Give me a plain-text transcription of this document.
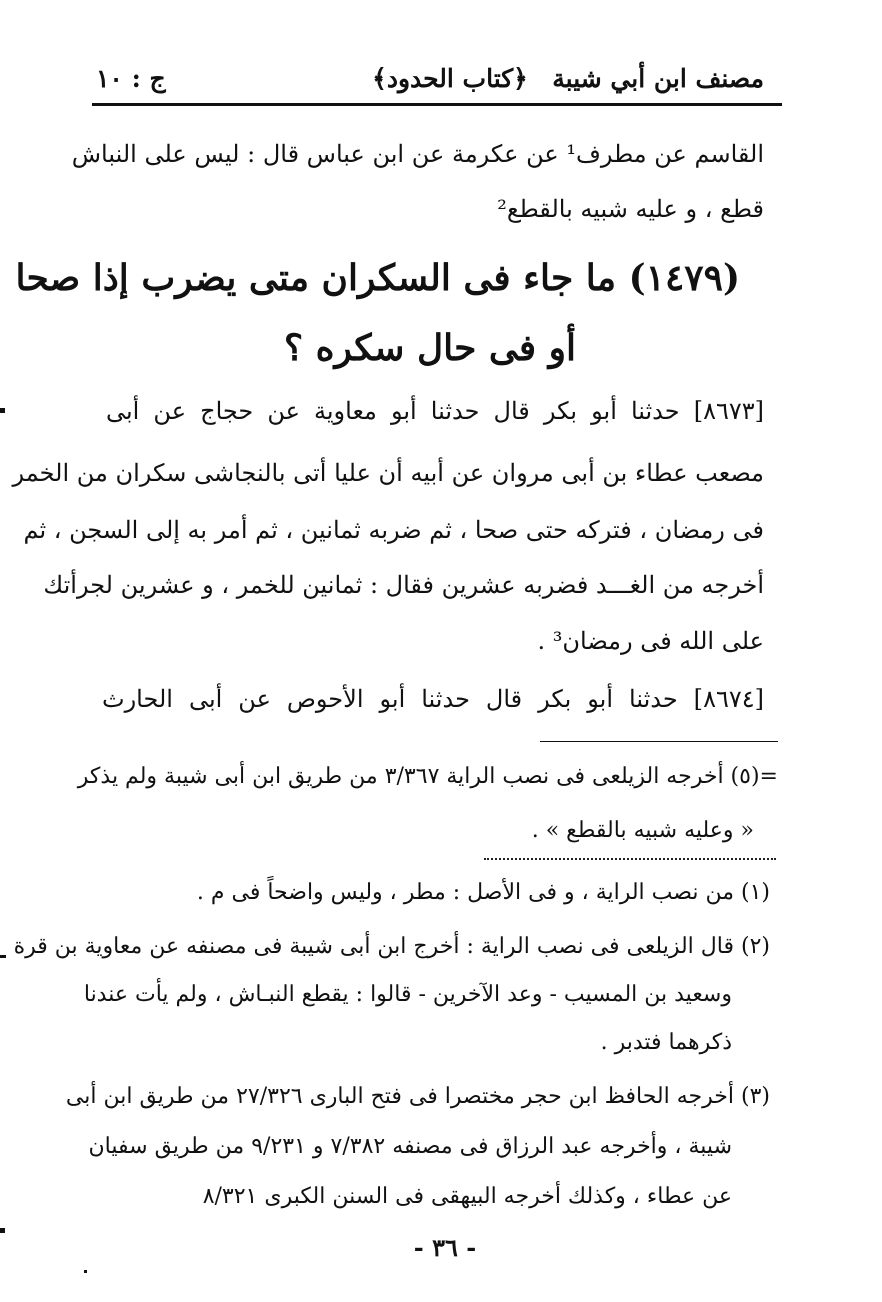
مصنف ابن أبي شيبة
﴿كتاب الحدود﴾
ج : ١٠
القاسم عن مطرف¹ عن عكرمة عن ابن عباس قال : ليس على النباش
قطع ، و عليه شبيه بالقطع²
(١٤٧٩) ما جاء فى السكران متى يضرب إذا صحا
أو فى حال سكره ؟
[٨٦٧٣] حدثنا أبو بكر قال حدثنا أبو معاوية عن حجاج عن أبى
مصعب عطاء بن أبى مروان عن أبيه أن عليا أتى بالنجاشى سكران من الخمر
فى رمضان ، فتركه حتى صحا ، ثم ضربه ثمانين ، ثم أمر به إلى السجن ، ثم
أخرجه من الغـــد فضربه عشرين فقال : ثمانين للخمر ، و عشرين لجرأتك
على الله فى رمضان³ .
[٨٦٧٤] حدثنا أبو بكر قال حدثنا أبو الأحوص عن أبى الحارث
=(٥) أخرجه الزيلعى فى نصب الراية ٣/٣٦٧ من طريق ابن أبى شيبة ولم يذكر
« وعليه شبيه بالقطع » .
(١) من نصب الراية ، و فى الأصل : مطر ، وليس واضحاً فى م .
(٢) قال الزيلعى فى نصب الراية : أخرج ابن أبى شيبة فى مصنفه عن معاوية بن قرة
وسعيد بن المسيب - وعد الآخرين - قالوا : يقطع النبـاش ، ولم يأت عندنا
ذكرهما فتدبر .
(٣) أخرجه الحافظ ابن حجر مختصرا فى فتح البارى ٢٧/٣٢٦ من طريق ابن أبى
شيبة ، وأخرجه عبد الرزاق فى مصنفه ٧/٣٨٢ و ٩/٢٣١ من طريق سفيان
عن عطاء ، وكذلك أخرجه البيهقى فى السنن الكبرى ٨/٣٢١
- ٣٦ -
